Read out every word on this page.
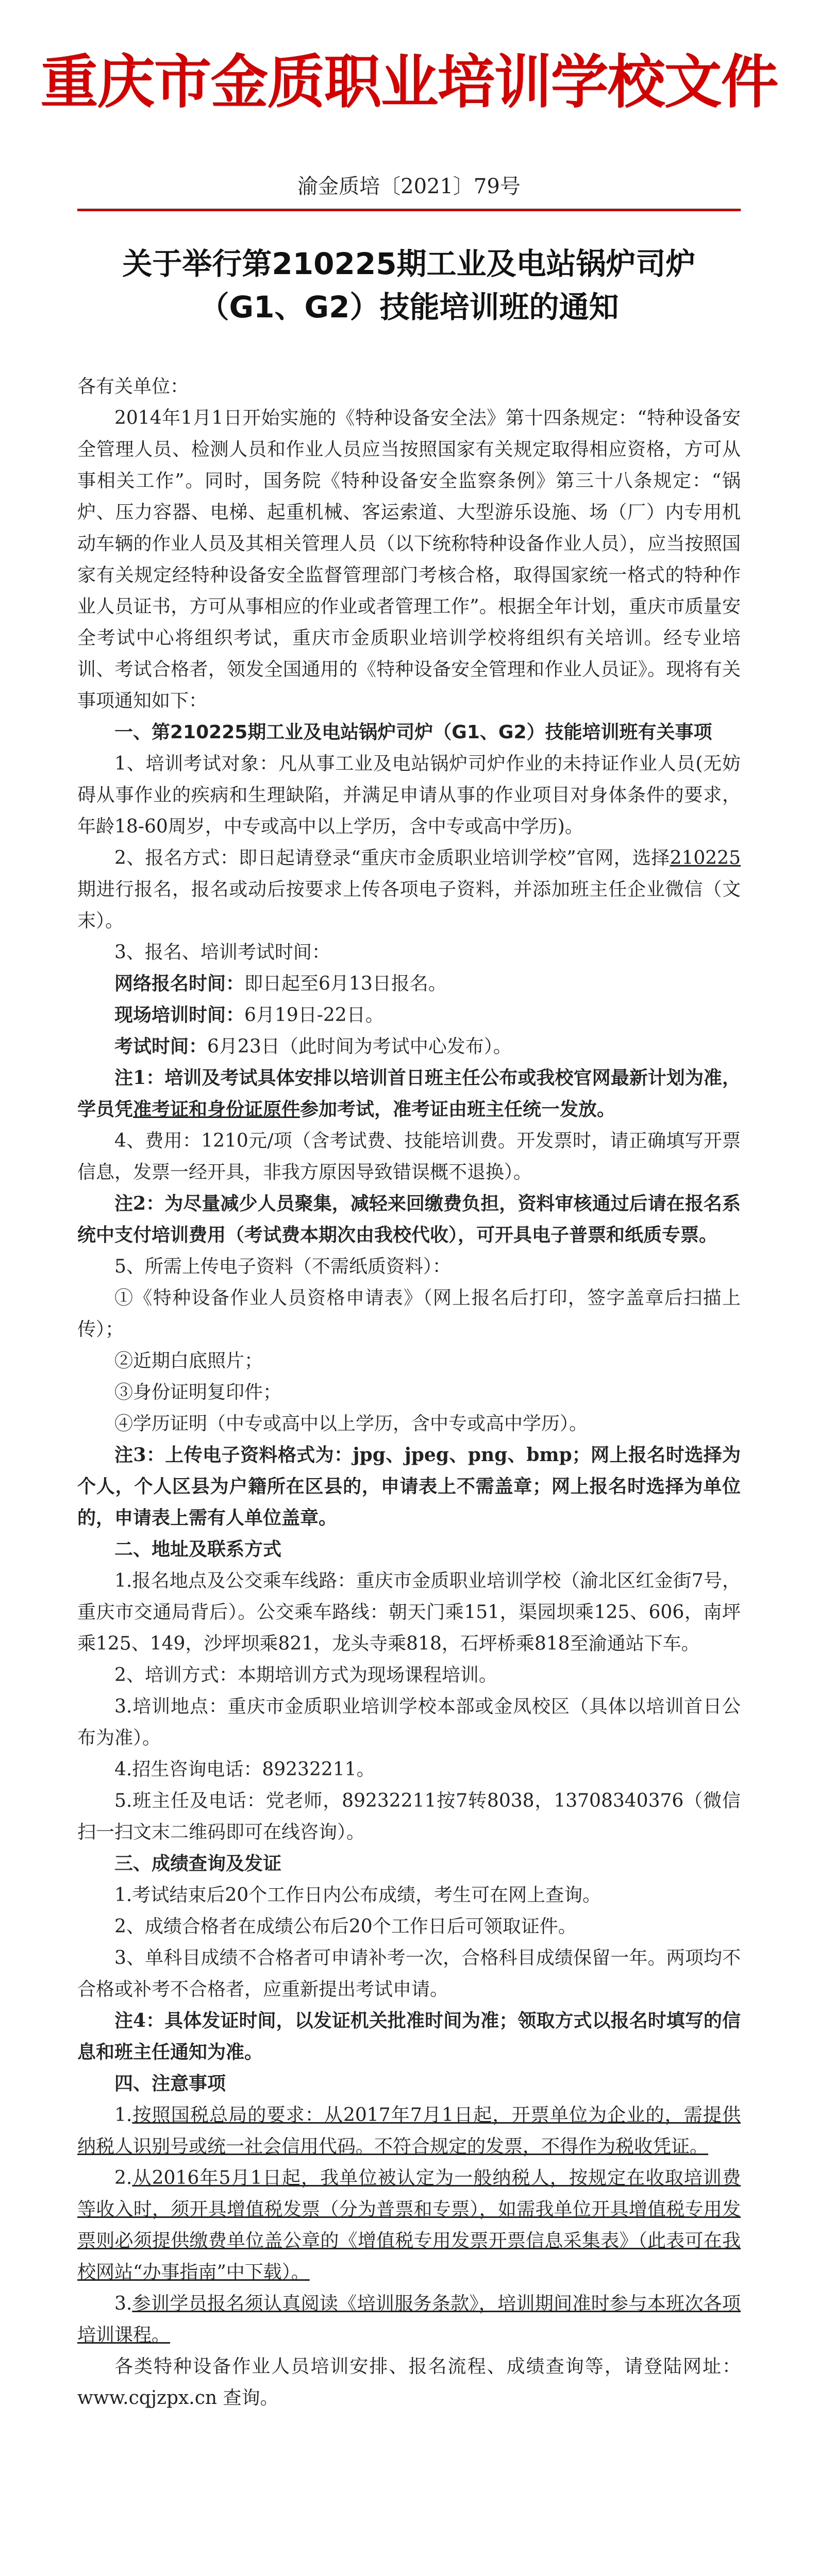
重庆市金质职业培训学校文件
渝金质培〔2021〕79号
关于举行第210225期工业及电站锅炉司炉
（G1、G2）技能培训班的通知

各有关单位：

2014年1月1日开始实施的《特种设备安全法》第十四条规定：“特种设备安全管理人员、检测人员和作业人员应当按照国家有关规定取得相应资格，方可从事相关工作”。同时，国务院《特种设备安全监察条例》第三十八条规定：“锅炉、压力容器、电梯、起重机械、客运索道、大型游乐设施、场（厂）内专用机动车辆的作业人员及其相关管理人员（以下统称特种设备作业人员），应当按照国家有关规定经特种设备安全监督管理部门考核合格，取得国家统一格式的特种作业人员证书，方可从事相应的作业或者管理工作”。根据全年计划，重庆市质量安全考试中心将组织考试，重庆市金质职业培训学校将组织有关培训。经专业培训、考试合格者，领发全国通用的《特种设备安全管理和作业人员证》。现将有关事项通知如下：

一、第210225期工业及电站锅炉司炉（G1、G2）技能培训班有关事项

1、培训考试对象：凡从事工业及电站锅炉司炉作业的未持证作业人员(无妨碍从事作业的疾病和生理缺陷，并满足申请从事的作业项目对身体条件的要求，年龄18-60周岁，中专或高中以上学历，含中专或高中学历)。

2、报名方式：即日起请登录“重庆市金质职业培训学校”官网，选择210225期进行报名，报名或动后按要求上传各项电子资料，并添加班主任企业微信（文末）。

3、报名、培训考试时间：

网络报名时间：即日起至6月13日报名。

现场培训时间：6月19日-22日。

考试时间：6月23日（此时间为考试中心发布）。

注1：培训及考试具体安排以培训首日班主任公布或我校官网最新计划为准，学员凭准考证和身份证原件参加考试，准考证由班主任统一发放。

4、费用：1210元/项（含考试费、技能培训费。开发票时，请正确填写开票信息，发票一经开具，非我方原因导致错误概不退换）。

注2：为尽量减少人员聚集，减轻来回缴费负担，资料审核通过后请在报名系统中支付培训费用（考试费本期次由我校代收），可开具电子普票和纸质专票。

5、所需上传电子资料（不需纸质资料）：

①《特种设备作业人员资格申请表》（网上报名后打印，签字盖章后扫描上传）；

②近期白底照片；

③身份证明复印件；

④学历证明（中专或高中以上学历，含中专或高中学历）。

注3：上传电子资料格式为：jpg、jpeg、png、bmp；网上报名时选择为个人，个人区县为户籍所在区县的，申请表上不需盖章；网上报名时选择为单位的，申请表上需有人单位盖章。

二、地址及联系方式

1.报名地点及公交乘车线路：重庆市金质职业培训学校（渝北区红金街7号，重庆市交通局背后）。公交乘车路线：朝天门乘151，渠园坝乘125、606，南坪乘125、149，沙坪坝乘821，龙头寺乘818，石坪桥乘818至渝通站下车。

2、培训方式：本期培训方式为现场课程培训。

3.培训地点：重庆市金质职业培训学校本部或金凤校区（具体以培训首日公布为准）。

4.招生咨询电话：89232211。

5.班主任及电话：党老师，89232211按7转8038，13708340376（微信扫一扫文末二维码即可在线咨询）。

三、成绩查询及发证

1.考试结束后20个工作日内公布成绩，考生可在网上查询。

2、成绩合格者在成绩公布后20个工作日后可领取证件。

3、单科目成绩不合格者可申请补考一次，合格科目成绩保留一年。两项均不合格或补考不合格者，应重新提出考试申请。

注4：具体发证时间，以发证机关批准时间为准；领取方式以报名时填写的信息和班主任通知为准。

四、注意事项

1.按照国税总局的要求：从2017年7月1日起，开票单位为企业的，需提供纳税人识别号或统一社会信用代码。不符合规定的发票，不得作为税收凭证。

2.从2016年5月1日起，我单位被认定为一般纳税人，按规定在收取培训费等收入时，须开具增值税发票（分为普票和专票），如需我单位开具增值税专用发票则必须提供缴费单位盖公章的《增值税专用发票开票信息采集表》（此表可在我校网站“办事指南”中下载）。

3.参训学员报名须认真阅读《培训服务条款》，培训期间准时参与本班次各项培训课程。

各类特种设备作业人员培训安排、报名流程、成绩查询等，请登陆网址：www.cqjzpx.cn 查询。
